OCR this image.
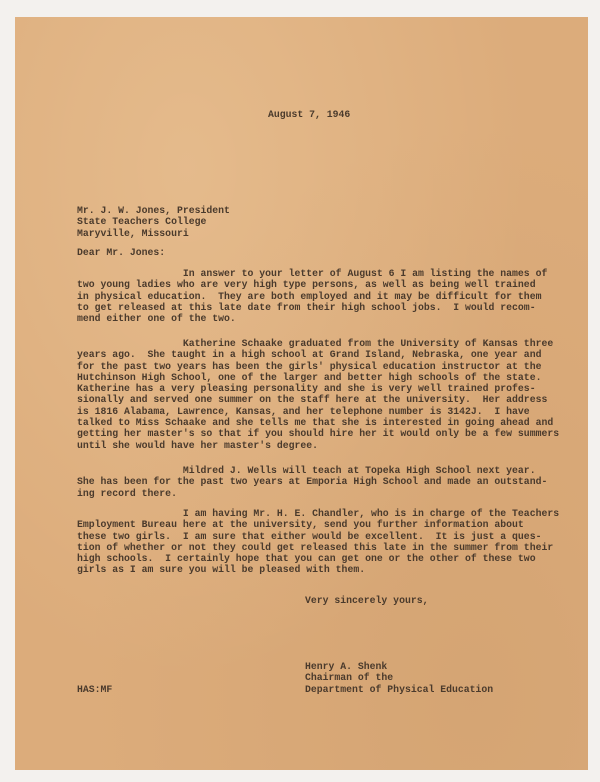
August 7, 1946
Mr. J. W. Jones, President
State Teachers College
Maryville, Missouri
Dear Mr. Jones:
In answer to your letter of August 6 I am listing the names of
two young ladies who are very high type persons, as well as being well trained
in physical education.  They are both employed and it may be difficult for them
to get released at this late date from their high school jobs.  I would recom-
mend either one of the two.
Katherine Schaake graduated from the University of Kansas three
years ago.  She taught in a high school at Grand Island, Nebraska, one year and
for the past two years has been the girls' physical education instructor at the
Hutchinson High School, one of the larger and better high schools of the state.
Katherine has a very pleasing personality and she is very well trained profes-
sionally and served one summer on the staff here at the university.  Her address
is 1816 Alabama, Lawrence, Kansas, and her telephone number is 3142J.  I have
talked to Miss Schaake and she tells me that she is interested in going ahead and
getting her master's so that if you should hire her it would only be a few summers
until she would have her master's degree.
Mildred J. Wells will teach at Topeka High School next year.
She has been for the past two years at Emporia High School and made an outstand-
ing record there.
I am having Mr. H. E. Chandler, who is in charge of the Teachers
Employment Bureau here at the university, send you further information about
these two girls.  I am sure that either would be excellent.  It is just a ques-
tion of whether or not they could get released this late in the summer from their
high schools.  I certainly hope that you can get one or the other of these two
girls as I am sure you will be pleased with them.
Very sincerely yours,
Henry A. Shenk
Chairman of the
Department of Physical Education
HAS:MF
